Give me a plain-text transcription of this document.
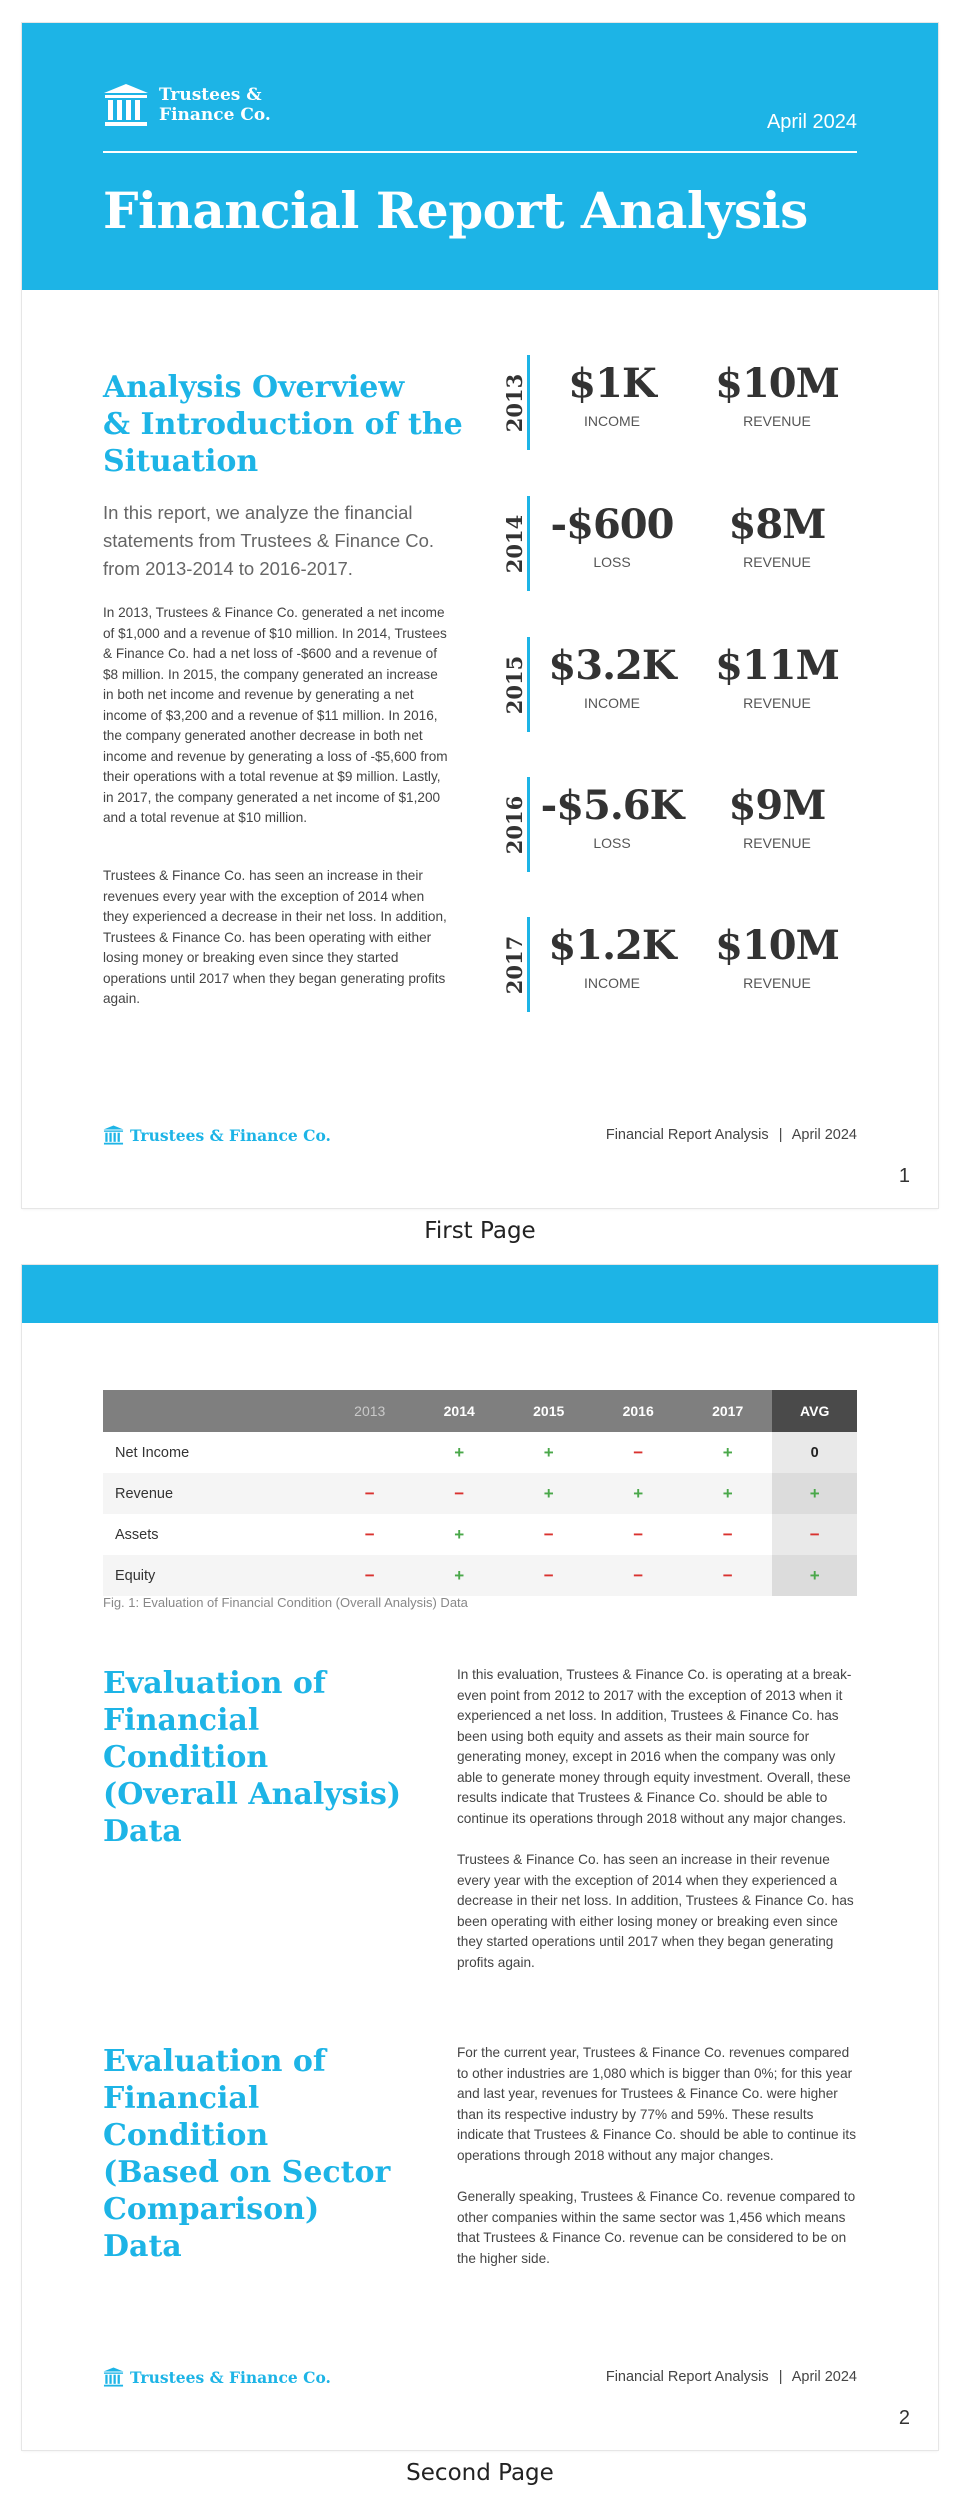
Trustees &
Finance Co.	April 2024
Financial Report Analysis
Analysis Overview
& Introduction of the
Situation
In this report, we analyze the financial statements from Trustees & Finance Co. from 2013-2014 to 2016-2017.
In 2013, Trustees & Finance Co. generated a net income of $1,000 and a revenue of $10 million. In 2014, Trustees & Finance Co. had a net loss of -$600 and a revenue of $8 million. In 2015, the company generated an increase in both net income and revenue by generating a net income of $3,200 and a revenue of $11 million. In 2016, the company generated another decrease in both net income and revenue by generating a loss of -$5,600 from their operations with a total revenue at $9 million. Lastly, in 2017, the company generated a net income of $1,200 and a total revenue at $10 million.
Trustees & Finance Co. has seen an increase in their revenues every year with the exception of 2014 when they experienced a decrease in their net loss. In addition, Trustees & Finance Co. has been operating with either losing money or breaking even since they started operations until 2017 when they began generating profits again.
2013	$1K
INCOME
$10M
REVENUE
2014 -$600
LOSS
$8M
REVENUE
2015 $3.2K
INCOME
$11M
REVENUE
2016 -$5.6K
LOSS
$9M
REVENUE
2017 $1.2K
INCOME
$10M
REVENUE
Trustees & Finance Co.	Financial Report Analysis | April 2024
1
First Page
	2013	2014	2015	2016	2017	AVG
Net Income		+	+	−	+	0
Revenue	−	−	+	+	+	+
Assets	−	+	−	−	−	−
Equity	−	+	−	−	−	+
Fig. 1: Evaluation of Financial Condition (Overall Analysis) Data
Evaluation of
Financial Condition
(Overall Analysis)
Data
In this evaluation, Trustees & Finance Co. is operating at a break-even point from 2012 to 2017 with the exception of 2013 when it experienced a net loss. In addition, Trustees & Finance Co. has been using both equity and assets as their main source for generating money, except in 2016 when the company was only able to generate money through equity investment. Overall, these results indicate that Trustees & Finance Co. should be able to continue its operations through 2018 without any major changes.
Trustees & Finance Co. has seen an increase in their revenue every year with the exception of 2014 when they experienced a decrease in their net loss. In addition, Trustees & Finance Co. has been operating with either losing money or breaking even since they started operations until 2017 when they began generating profits again.
Evaluation of
Financial Condition
(Based on Sector
Comparison) Data
For the current year, Trustees & Finance Co. revenues compared to other industries are 1,080 which is bigger than 0%; for this year and last year, revenues for Trustees & Finance Co. were higher than its respective industry by 77% and 59%. These results indicate that Trustees & Finance Co. should be able to continue its operations through 2018 without any major changes.
Generally speaking, Trustees & Finance Co. revenue compared to other companies within the same sector was 1,456 which means that Trustees & Finance Co. revenue can be considered to be on the higher side.
Trustees & Finance Co.	Financial Report Analysis | April 2024
2
Second Page
